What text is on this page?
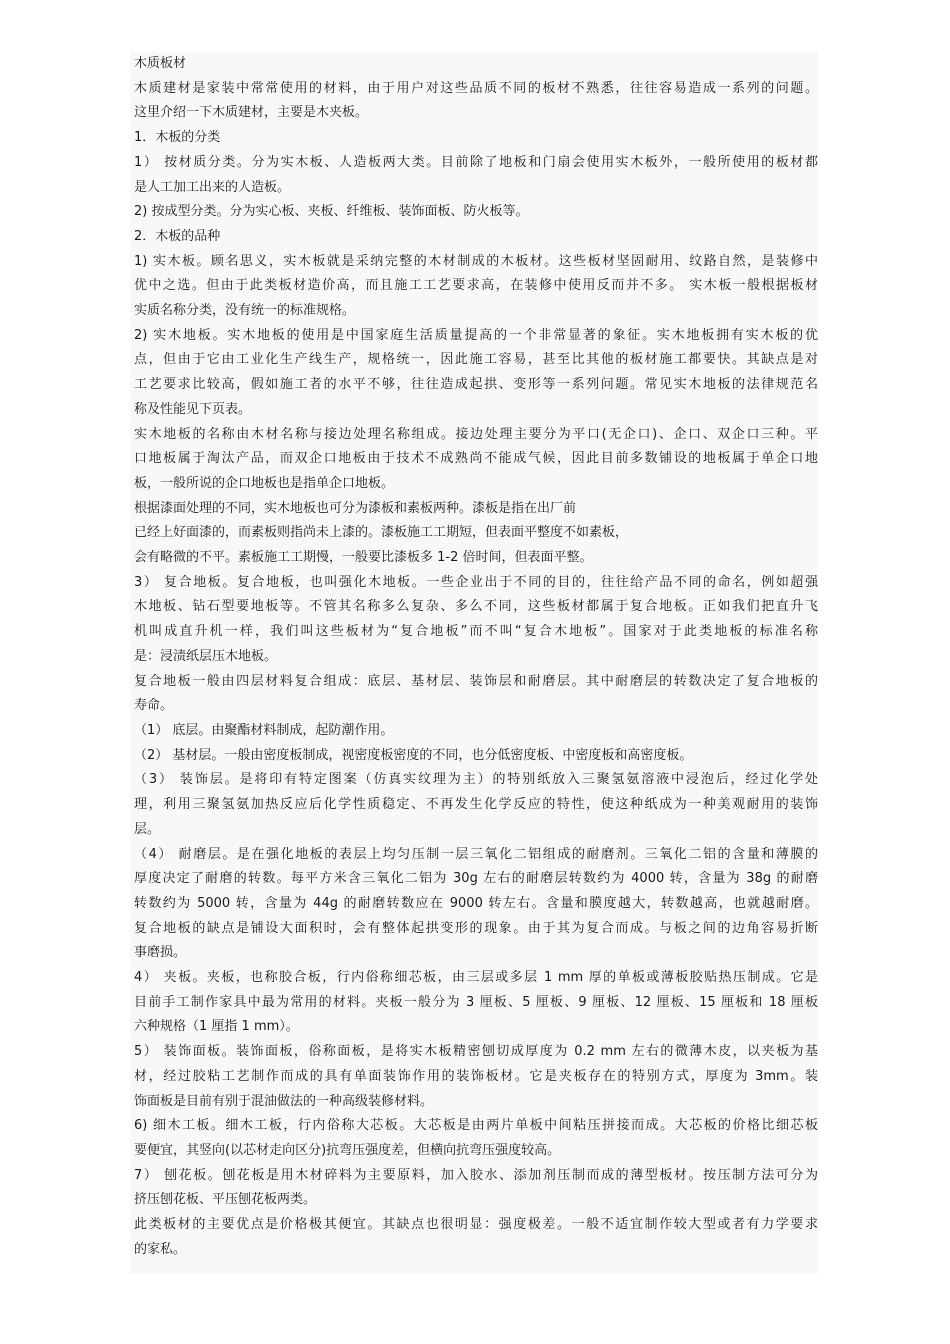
木质板材
木质建材是家装中常常使用的材料，由于用户对这些品质不同的板材不熟悉，往往容易造成一系列的问题。
这里介绍一下木质建材，主要是木夹板。
1．木板的分类
1） 按材质分类。分为实木板、人造板两大类。目前除了地板和门扇会使用实木板外，一般所使用的板材都
是人工加工出来的人造板。
2) 按成型分类。分为实心板、夹板、纤维板、装饰面板、防火板等。
2．木板的品种
1) 实木板。顾名思义，实木板就是采纳完整的木材制成的木板材。这些板材坚固耐用、纹路自然，是装修中
优中之选。但由于此类板材造价高，而且施工工艺要求高，在装修中使用反而并不多。 实木板一般根据板材
实质名称分类，没有统一的标准规格。
2) 实木地板。实木地板的使用是中国家庭生活质量提高的一个非常显著的象征。实木地板拥有实木板的优
点，但由于它由工业化生产线生产，规格统一，因此施工容易，甚至比其他的板材施工都要快。其缺点是对
工艺要求比较高，假如施工者的水平不够，往往造成起拱、变形等一系列问题。常见实木地板的法律规范名
称及性能见下页表。
实木地板的名称由木材名称与接边处理名称组成。接边处理主要分为平口(无企口)、企口、双企口三种。平
口地板属于淘汰产品，而双企口地板由于技术不成熟尚不能成气候，因此目前多数铺设的地板属于单企口地
板，一般所说的企口地板也是指单企口地板。
根据漆面处理的不同，实木地板也可分为漆板和素板两种。漆板是指在出厂前
已经上好面漆的，而素板则指尚未上漆的。漆板施工工期短，但表面平整度不如素板，
会有略微的不平。素板施工工期慢，一般要比漆板多 1-2 倍时间，但表面平整。
3） 复合地板。复合地板，也叫强化木地板。一些企业出于不同的目的，往往给产品不同的命名，例如超强
木地板、钻石型要地板等。不管其名称多么复杂、多么不同，这些板材都属于复合地板。正如我们把直升飞
机叫成直升机一样，我们叫这些板材为“复合地板”而不叫“复合木地板”。国家对于此类地板的标准名称
是：浸渍纸层压木地板。
复合地板一般由四层材料复合组成：底层、基材层、装饰层和耐磨层。其中耐磨层的转数决定了复合地板的
寿命。
（1） 底层。由聚酯材料制成，起防潮作用。
（2） 基材层。一般由密度板制成，视密度板密度的不同，也分低密度板、中密度板和高密度板。
（3） 装饰层。是将印有特定图案（仿真实纹理为主）的特别纸放入三聚氢氨溶液中浸泡后，经过化学处
理，利用三聚氢氨加热反应后化学性质稳定、不再发生化学反应的特性，使这种纸成为一种美观耐用的装饰
层。
（4） 耐磨层。是在强化地板的表层上均匀压制一层三氧化二铝组成的耐磨剂。三氧化二铝的含量和薄膜的
厚度决定了耐磨的转数。每平方米含三氧化二铝为 30g 左右的耐磨层转数约为 4000 转，含量为 38g 的耐磨
转数约为 5000 转，含量为 44g 的耐磨转数应在 9000 转左右。含量和膜度越大，转数越高，也就越耐磨。
复合地板的缺点是铺设大面积时，会有整体起拱变形的现象。由于其为复合而成。与板之间的边角容易折断
事磨损。
4） 夹板。夹板，也称胶合板，行内俗称细芯板，由三层或多层 1 mm 厚的单板或薄板胶贴热压制成。它是
目前手工制作家具中最为常用的材料。夹板一般分为 3 厘板、5 厘板、9 厘板、12 厘板、15 厘板和 18 厘板
六种规格（1 厘指 1 mm）。
5） 装饰面板。装饰面板，俗称面板，是将实木板精密刨切成厚度为 0.2 mm 左右的微薄木皮，以夹板为基
材，经过胶粘工艺制作而成的具有单面装饰作用的装饰板材。它是夹板存在的特别方式，厚度为 3mm。装
饰面板是目前有别于混油做法的一种高级装修材料。
6) 细木工板。细木工板，行内俗称大芯板。大芯板是由两片单板中间粘压拼接而成。大芯板的价格比细芯板
要便宜，其竖向(以芯材走向区分)抗弯压强度差，但横向抗弯压强度较高。
7） 刨花板。刨花板是用木材碎料为主要原料，加入胶水、添加剂压制而成的薄型板材。按压制方法可分为
挤压刨花板、平压刨花板两类。
此类板材的主要优点是价格极其便宜。其缺点也很明显：强度极差。一般不适宜制作较大型或者有力学要求
的家私。
